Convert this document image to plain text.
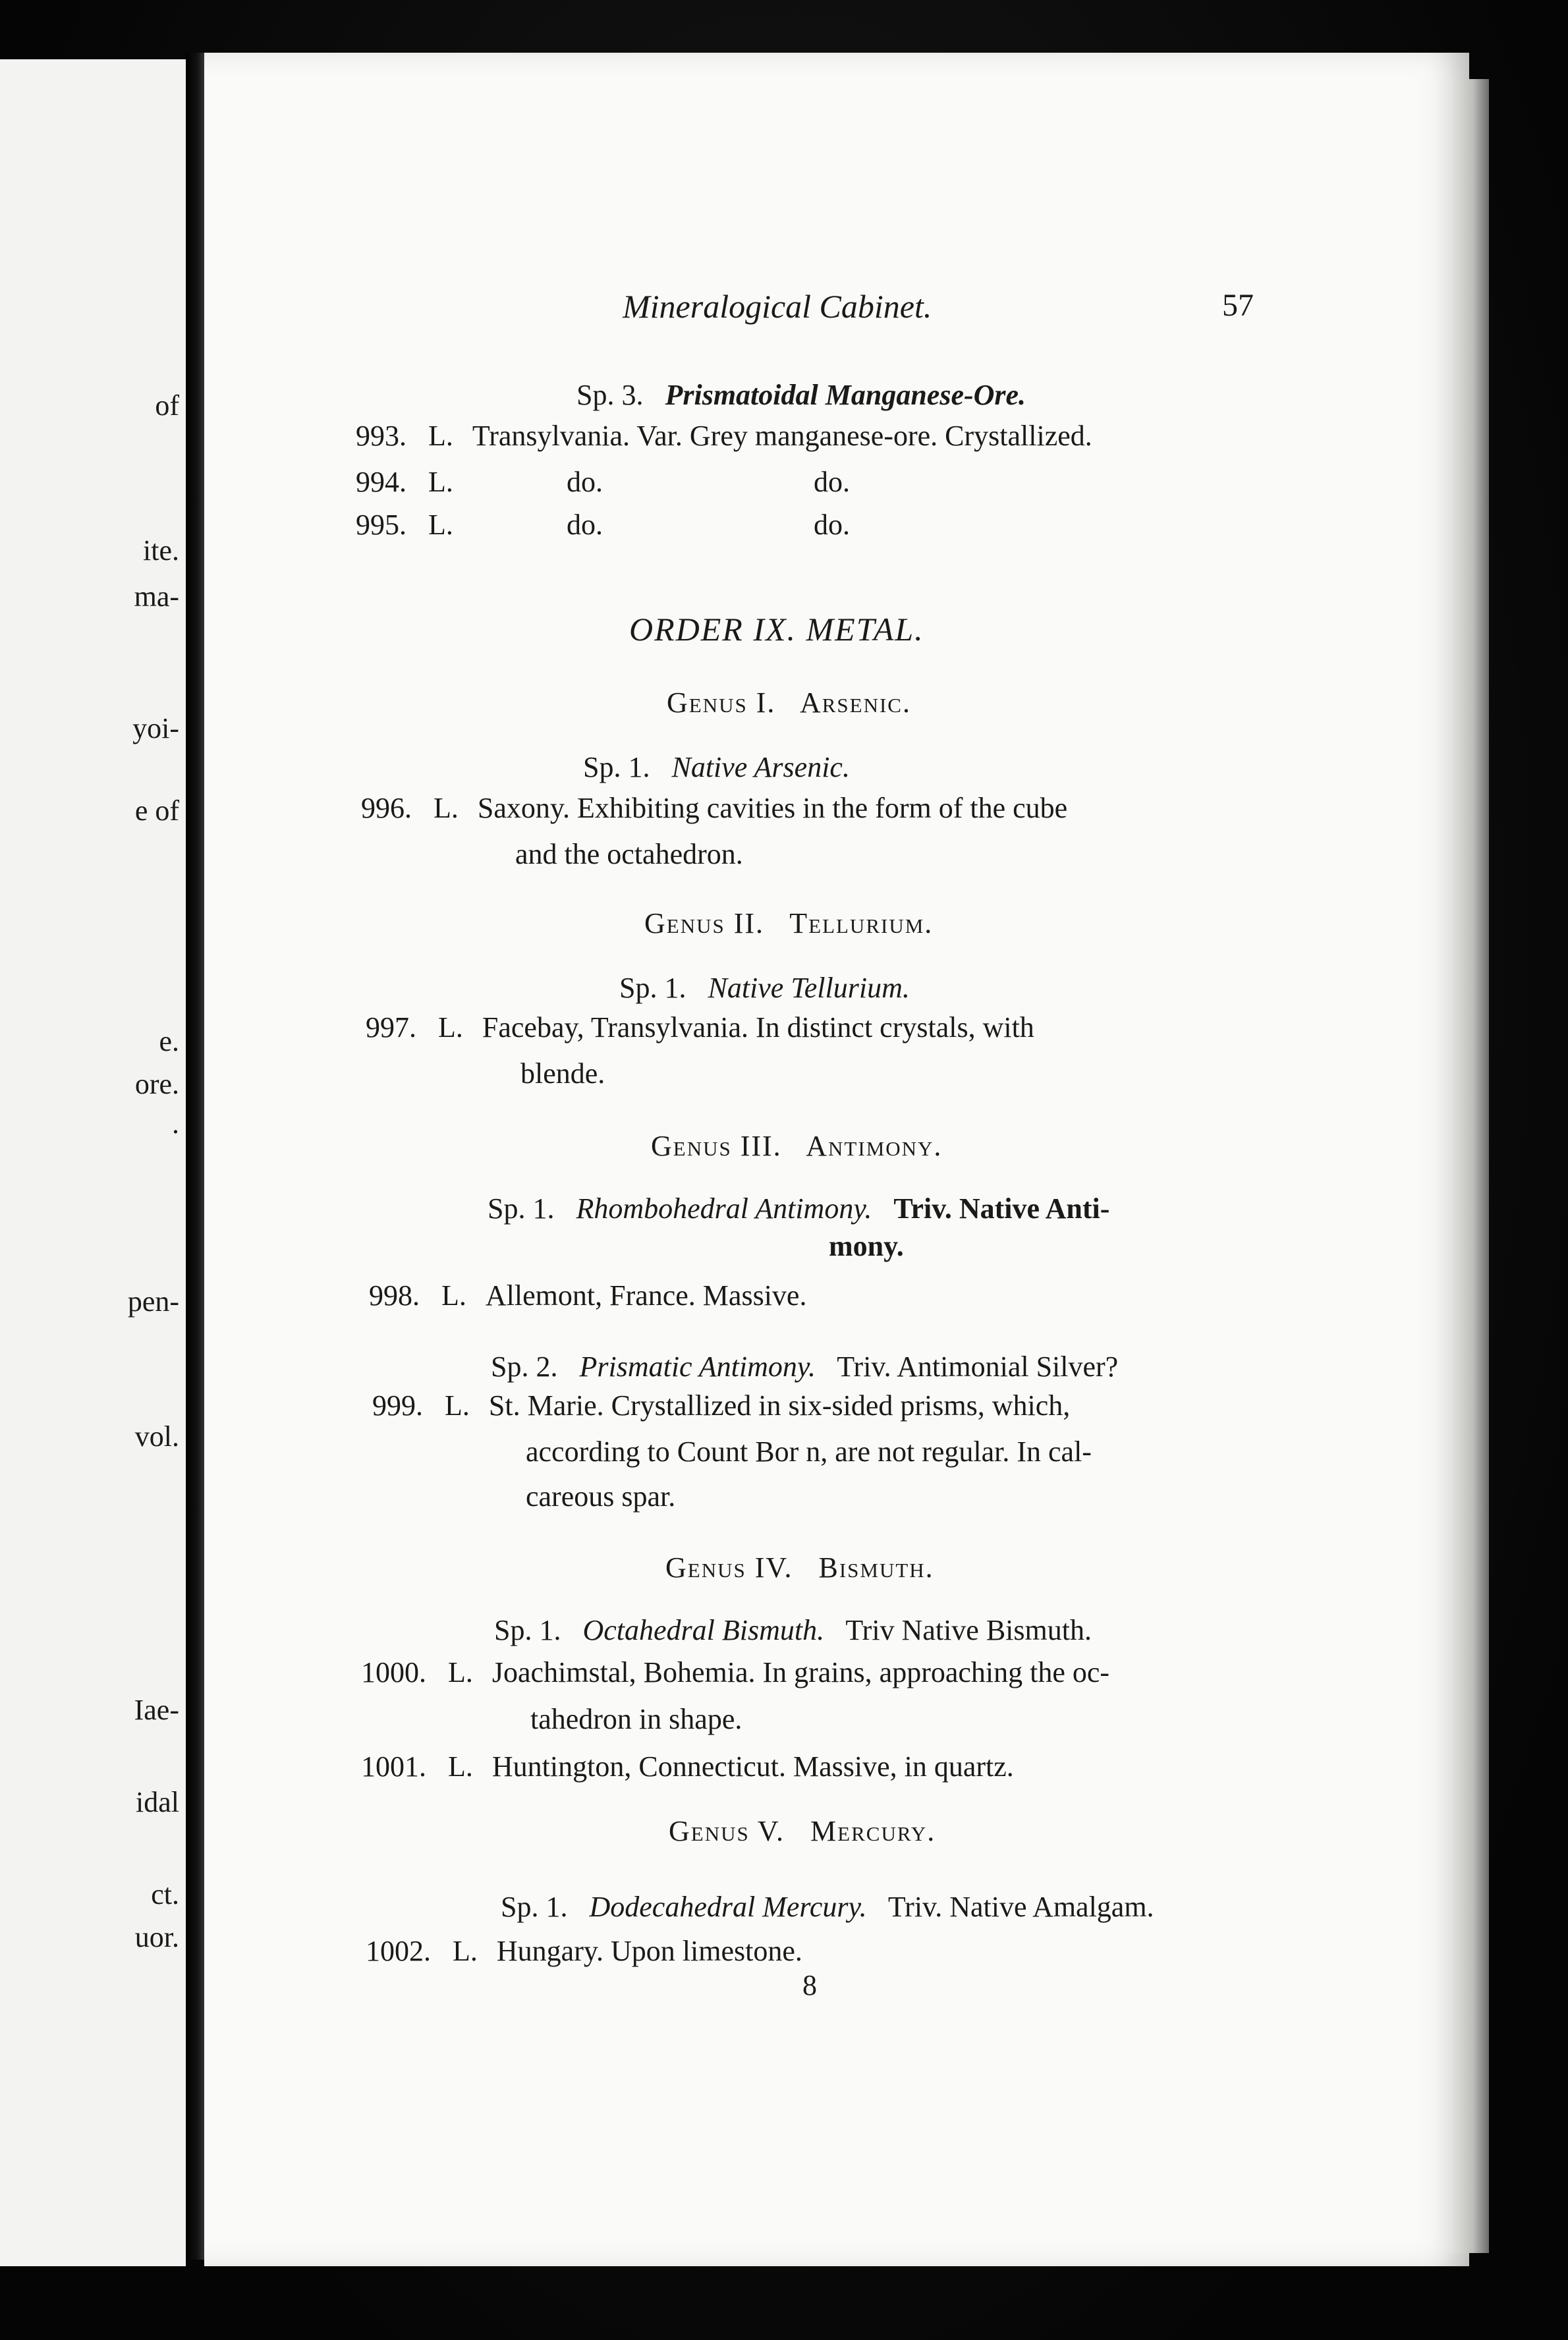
of
ite.
ma-
yoi-
e of
e.
ore.
.
pen-
vol.
Iae-
idal
ct.
uor.
Mineralogical Cabinet.	57
Sp. 3. Prismatoidal Manganese-Ore.
993. L. Transylvania. Var. Grey manganese-ore. Crystallized.
994. L.	do.	do.
995. L.	do.	do.
ORDER IX. METAL.
Genus I. Arsenic.
Sp. 1. Native Arsenic.
996. L. Saxony. Exhibiting cavities in the form of the cube
and the octahedron.
Genus II. Tellurium.
Sp. 1. Native Tellurium.
997. L. Facebay, Transylvania. In distinct crystals, with
blende.
Genus III. Antimony.
Sp. 1. Rhombohedral Antimony. Triv. Native Anti-
mony.
998. L. Allemont, France. Massive.
Sp. 2. Prismatic Antimony. Triv. Antimonial Silver?
999. L. St. Marie. Crystallized in six-sided prisms, which,
according to Count Bor n, are not regular. In cal-
careous spar.
Genus IV. Bismuth.
Sp. 1. Octahedral Bismuth. Triv Native Bismuth.
1000. L. Joachimstal, Bohemia. In grains, approaching the oc-
tahedron in shape.
1001. L. Huntington, Connecticut. Massive, in quartz.
Genus V. Mercury.
Sp. 1. Dodecahedral Mercury. Triv. Native Amalgam.
1002. L. Hungary. Upon limestone.
8
